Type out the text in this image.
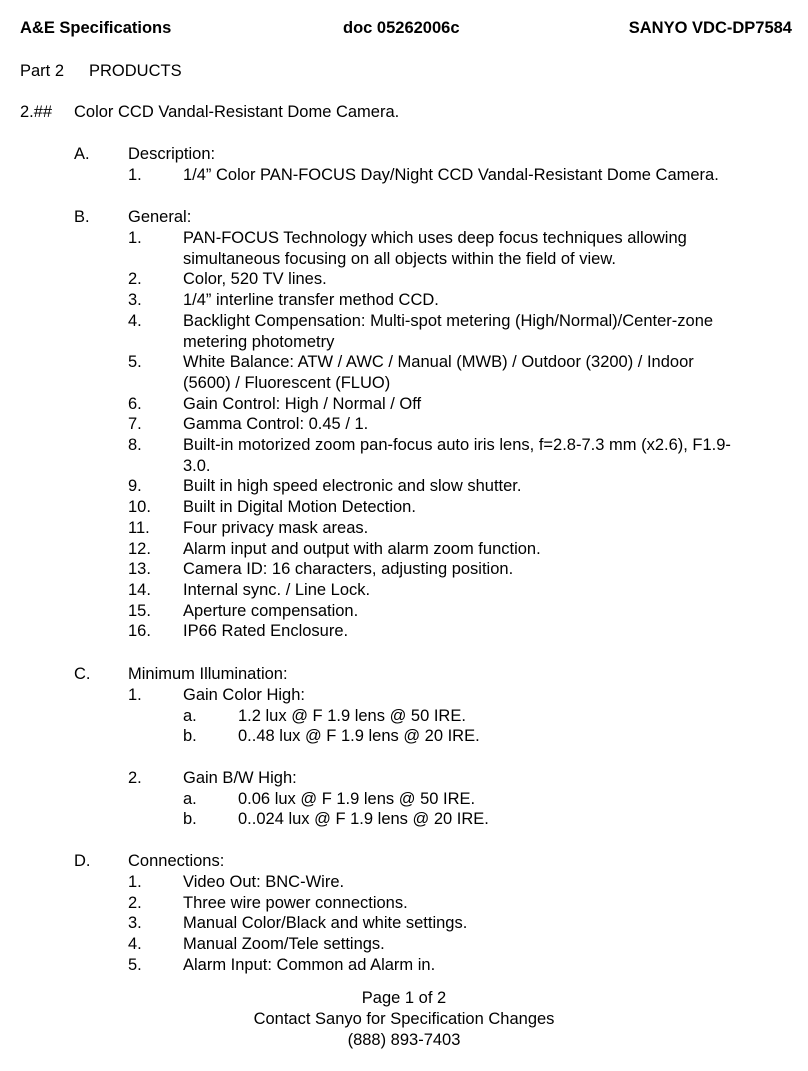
A&E Specifications	doc 05262006c	SANYO VDC-DP7584
Part 2 PRODUCTS
2.## Color CCD Vandal-Resistant Dome Camera.
A. Description:
1. 1/4” Color PAN-FOCUS Day/Night CCD Vandal-Resistant Dome Camera.
B. General:
1. PAN-FOCUS Technology which uses deep focus techniques allowing
simultaneous focusing on all objects within the field of view.
2. Color, 520 TV lines.
3. 1/4” interline transfer method CCD.
4. Backlight Compensation: Multi-spot metering (High/Normal)/Center-zone
metering photometry
5. White Balance: ATW / AWC / Manual (MWB) / Outdoor (3200) / Indoor
(5600) / Fluorescent (FLUO)
6. Gain Control: High / Normal / Off
7. Gamma Control: 0.45 / 1.
8. Built-in motorized zoom pan-focus auto iris lens, f=2.8-7.3 mm (x2.6), F1.9-
3.0.
9. Built in high speed electronic and slow shutter.
10. Built in Digital Motion Detection.
11. Four privacy mask areas.
12. Alarm input and output with alarm zoom function.
13. Camera ID: 16 characters, adjusting position.
14. Internal sync. / Line Lock.
15. Aperture compensation.
16. IP66 Rated Enclosure.
C. Minimum Illumination:
1. Gain Color High:
a. 1.2 lux @ F 1.9 lens @ 50 IRE.
b. 0..48 lux @ F 1.9 lens @ 20 IRE.
2. Gain B/W High:
a. 0.06 lux @ F 1.9 lens @ 50 IRE.
b. 0..024 lux @ F 1.9 lens @ 20 IRE.
D. Connections:
1. Video Out: BNC-Wire.
2. Three wire power connections.
3. Manual Color/Black and white settings.
4. Manual Zoom/Tele settings.
5. Alarm Input: Common ad Alarm in.
Page 1 of 2
Contact Sanyo for Specification Changes
(888) 893-7403
